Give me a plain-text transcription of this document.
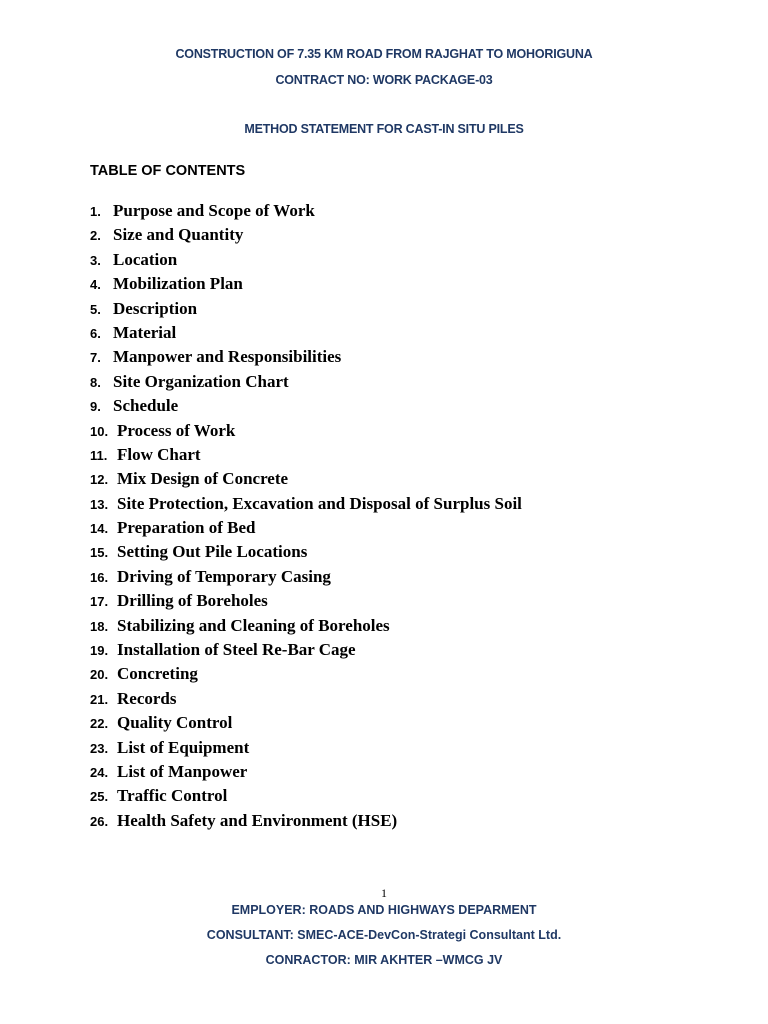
CONSTRUCTION OF 7.35 KM ROAD FROM RAJGHAT TO MOHORIGUNA
CONTRACT NO: WORK PACKAGE-03
METHOD STATEMENT FOR CAST-IN SITU PILES
TABLE OF CONTENTS
1. Purpose and Scope of Work
2. Size and Quantity
3. Location
4. Mobilization Plan
5. Description
6. Material
7. Manpower and Responsibilities
8. Site Organization Chart
9. Schedule
10. Process of Work
11. Flow Chart
12. Mix Design of Concrete
13. Site Protection, Excavation and Disposal of Surplus Soil
14. Preparation of Bed
15. Setting Out Pile Locations
16. Driving of Temporary Casing
17. Drilling of Boreholes
18. Stabilizing and Cleaning of Boreholes
19. Installation of Steel Re-Bar Cage
20. Concreting
21. Records
22. Quality Control
23. List of Equipment
24. List of Manpower
25. Traffic Control
26. Health Safety and Environment (HSE)
1
EMPLOYER: ROADS AND HIGHWAYS DEPARMENT
CONSULTANT: SMEC-ACE-DevCon-Strategi Consultant Ltd.
CONRACTOR: MIR AKHTER –WMCG JV
